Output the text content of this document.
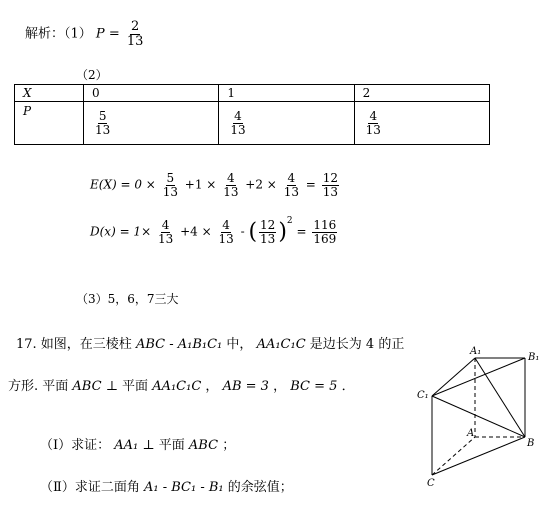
解析：（1） $P = \frac{2}{13}$
（2）
X	0	1	2
P	$\frac{5}{13}$	$\frac{4}{13}$	$\frac{4}{13}$
$E(X) = 0 \times \frac{5}{13} +1 \times \frac{4}{13} +2 \times \frac{4}{13} = \frac{12}{13}$
$D(x) = 1\times \frac{4}{13} +4 \times \frac{4}{13}$ - ( $\frac{12}{13} )^2 = \frac{116}{169}$
（3）5，6，7三大
17. 如图，在三棱柱 ABC - A₁B₁C₁ 中， AA₁C₁C 是边长为 4 的正
方形. 平面 ABC ⊥ 平面 AA₁C₁C ， AB = 3 ， BC = 5 ．
（Ⅰ）求证： AA₁ ⊥ 平面 ABC ；
（Ⅱ）求证二面角 A₁ - BC₁ - B₁ 的余弦值；
A₁
B₁
C₁
A
B
C
